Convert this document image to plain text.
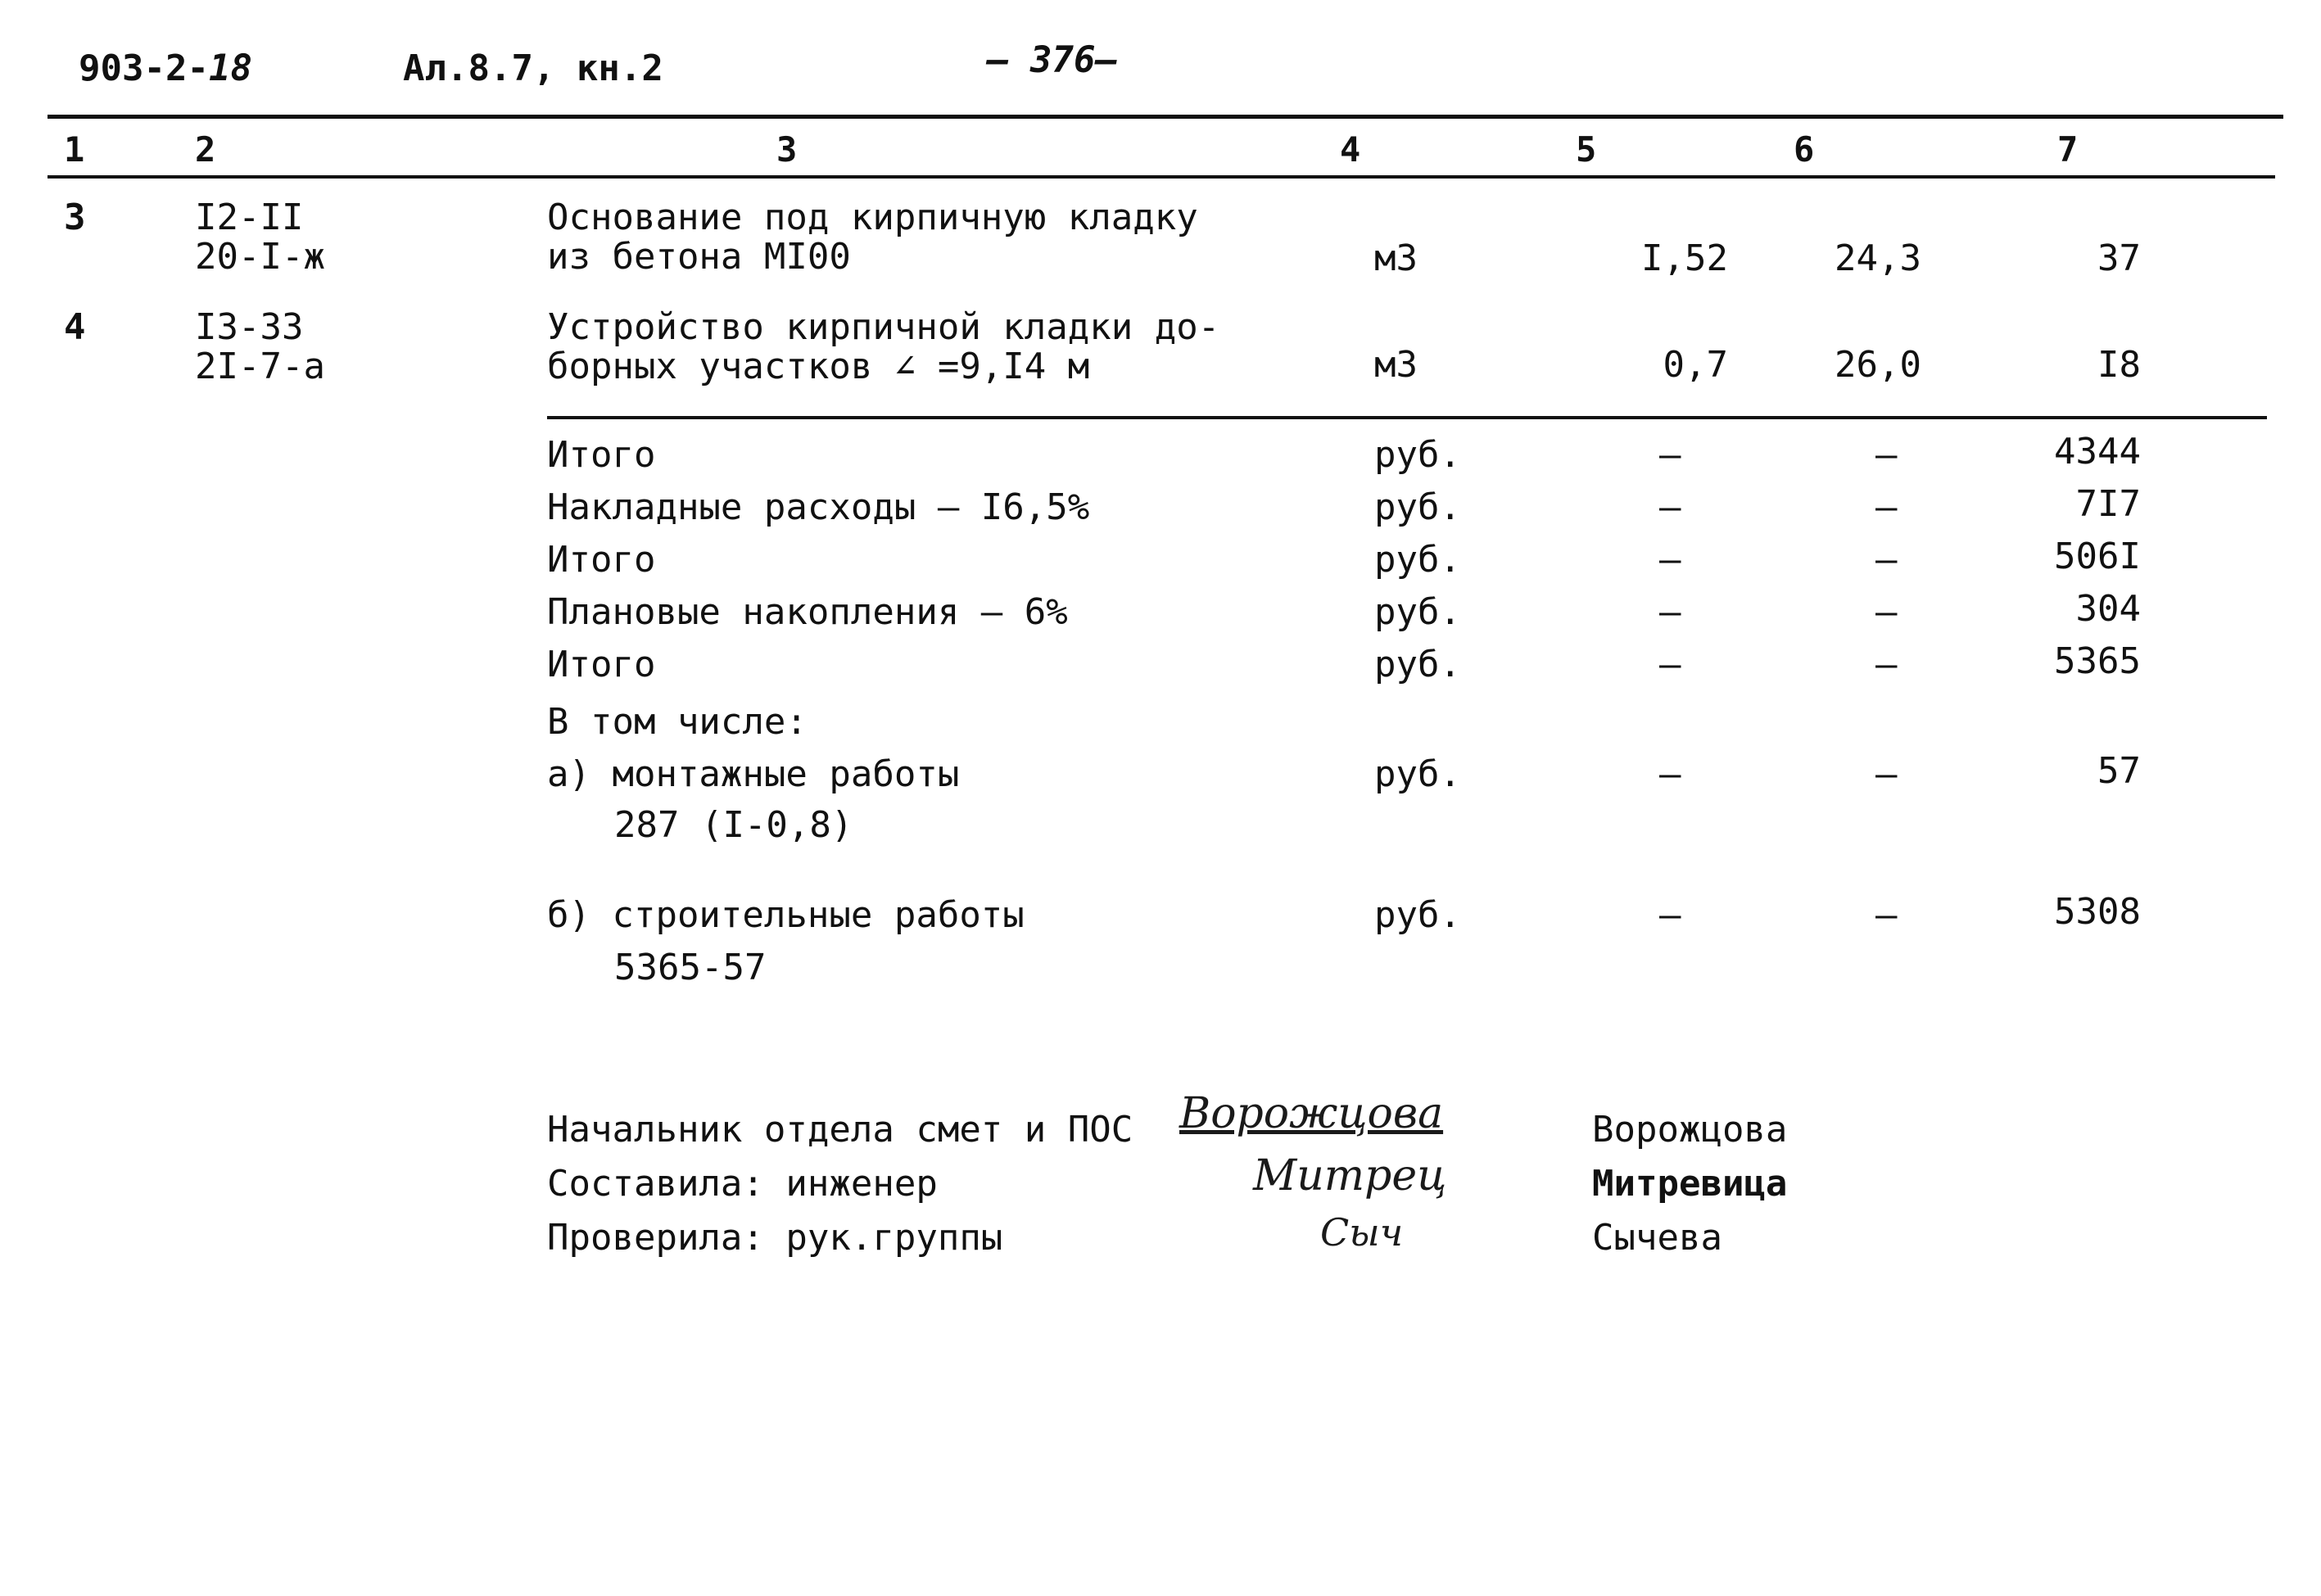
903-2-18	Ал.8.7, кн.2	– 376–
1	2	3	4	5	6	7
3	I2-II
20-I-ж
Основание под кирпичную кладку
из бетона МI00	м3	I,52	24,3	37
4	I3-33
2I-7-а
Устройство кирпичной кладки до-
борных участков ∠ =9,I4 м	м3	0,7	26,0	I8
Итого	руб.	–	–	4344
Накладные расходы – I6,5%	руб.	–	–	7I7
Итого	руб.	–	–	506I
Плановые накопления – 6%	руб.	–	–	304
Итого	руб.	–	–	5365
В том числе:
а) монтажные работы
287 (I-0,8)
руб.	–	–	57
б) строительные работы
5365-57
руб.	–	–	5308
Начальник отдела смет и ПОС Ворожцова	Ворожцова
Составила: инженер	Митрец	Митревица
Проверила: рук.группы	Сыч	Сычева
